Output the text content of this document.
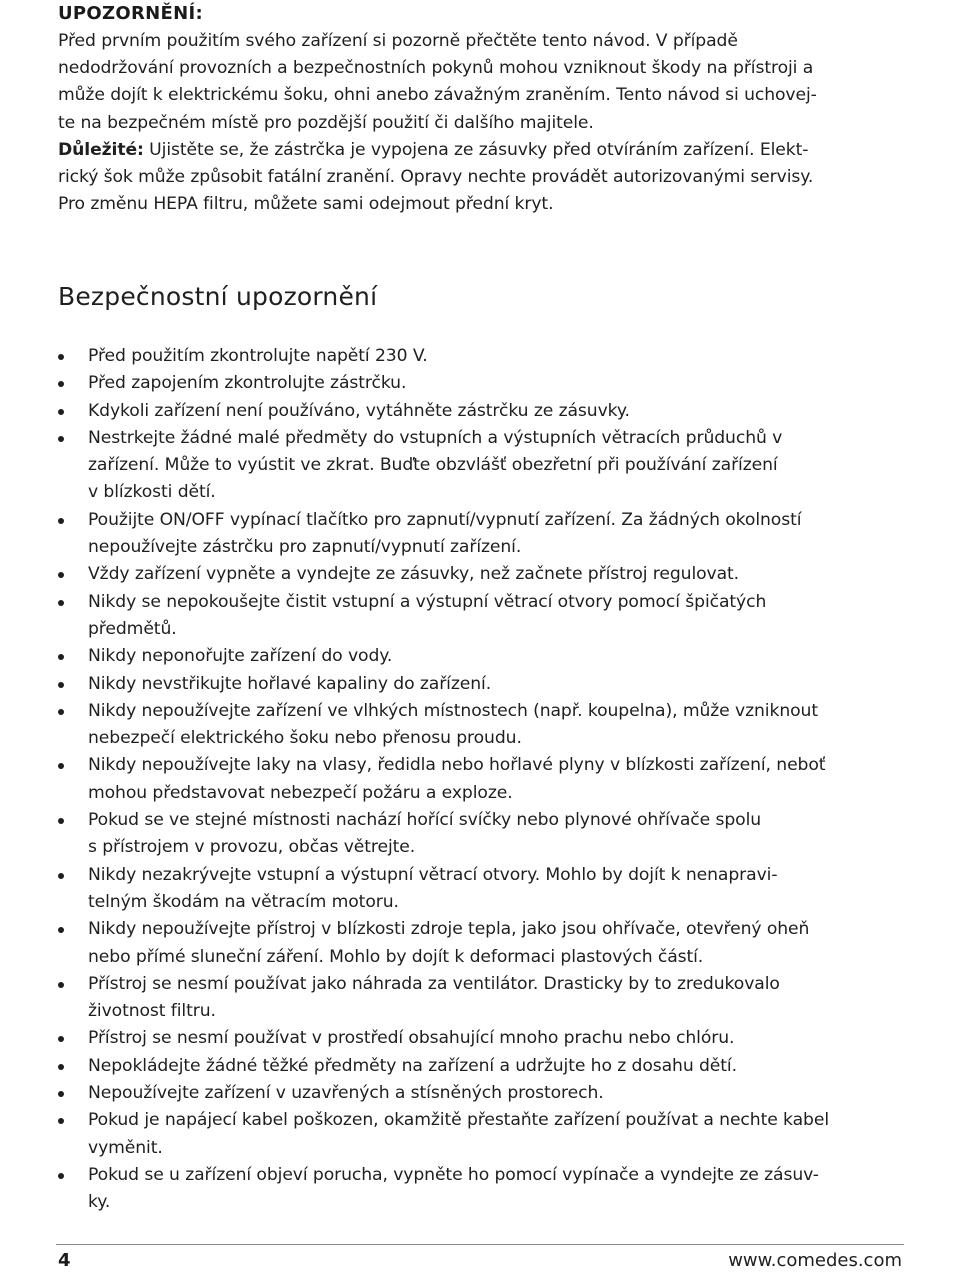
UPOZORNĚNÍ:
Před prvním použitím svého zařízení si pozorně přečtěte tento návod. V případě
nedodržování provozních a bezpečnostních pokynů mohou vzniknout škody na přístroji a
může dojít k elektrickému šoku, ohni anebo závažným zraněním. Tento návod si uchovej-
te na bezpečném místě pro pozdější použití či dalšího majitele.
Důležité: Ujistěte se, že zástrčka je vypojena ze zásuvky před otvíráním zařízení. Elekt-
rický šok může způsobit fatální zranění. Opravy nechte provádět autorizovanými servisy.
Pro změnu HEPA filtru, můžete sami odejmout přední kryt.
Bezpečnostní upozornění
Před použitím zkontrolujte napětí 230 V.
Před zapojením zkontrolujte zástrčku.
Kdykoli zařízení není používáno, vytáhněte zástrčku ze zásuvky.
Nestrkejte žádné malé předměty do vstupních a výstupních větracích průduchů v
zařízení. Může to vyústit ve zkrat. Buďte obzvlášť obezřetní při používání zařízení
v blízkosti dětí.
Použijte ON/OFF vypínací tlačítko pro zapnutí/vypnutí zařízení. Za žádných okolností
nepoužívejte zástrčku pro zapnutí/vypnutí zařízení.
Vždy zařízení vypněte a vyndejte ze zásuvky, než začnete přístroj regulovat.
Nikdy se nepokoušejte čistit vstupní a výstupní větrací otvory pomocí špičatých
předmětů.
Nikdy neponořujte zařízení do vody.
Nikdy nevstřikujte hořlavé kapaliny do zařízení.
Nikdy nepoužívejte zařízení ve vlhkých místnostech (např. koupelna), může vzniknout
nebezpečí elektrického šoku nebo přenosu proudu.
Nikdy nepoužívejte laky na vlasy, ředidla nebo hořlavé plyny v blízkosti zařízení, neboť
mohou představovat nebezpečí požáru a exploze.
Pokud se ve stejné místnosti nachází hořící svíčky nebo plynové ohřívače spolu
s přístrojem v provozu, občas větrejte.
Nikdy nezakrývejte vstupní a výstupní větrací otvory. Mohlo by dojít k nenapravi-
telným škodám na větracím motoru.
Nikdy nepoužívejte přístroj v blízkosti zdroje tepla, jako jsou ohřívače, otevřený oheň
nebo přímé sluneční záření. Mohlo by dojít k deformaci plastových částí.
Přístroj se nesmí používat jako náhrada za ventilátor. Drasticky by to zredukovalo
životnost filtru.
Přístroj se nesmí používat v prostředí obsahující mnoho prachu nebo chlóru.
Nepokládejte žádné těžké předměty na zařízení a udržujte ho z dosahu dětí.
Nepoužívejte zařízení v uzavřených a stísněných prostorech.
Pokud je napájecí kabel poškozen, okamžitě přestaňte zařízení používat a nechte kabel
vyměnit.
Pokud se u zařízení objeví porucha, vypněte ho pomocí vypínače a vyndejte ze zásuv-
ky.
4	www.comedes.com
